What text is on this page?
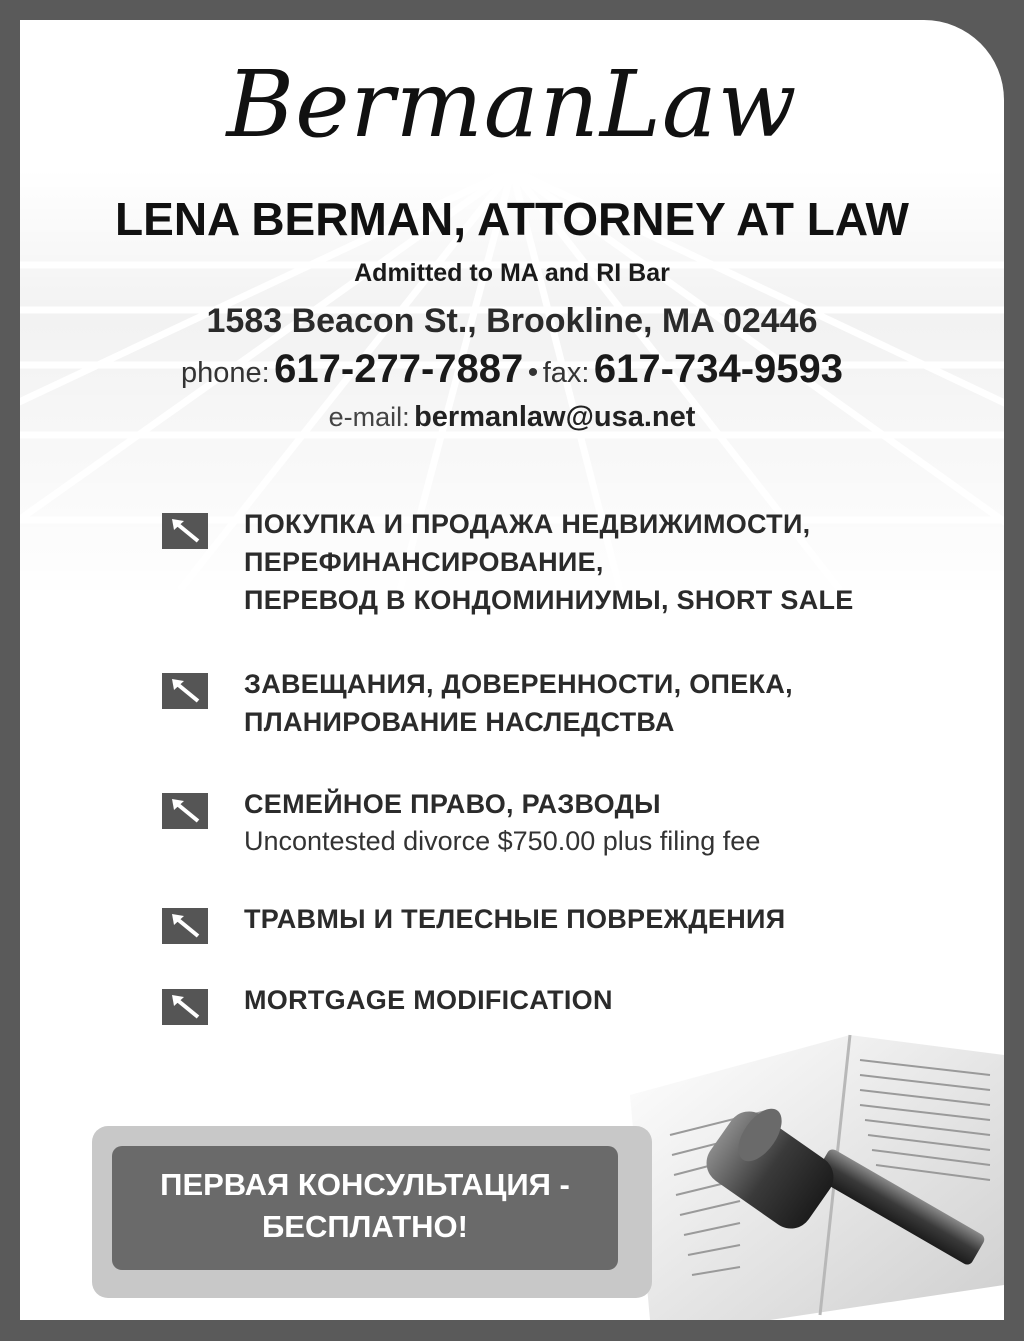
BermanLaw
LENA BERMAN, ATTORNEY AT LAW
Admitted to MA and RI Bar
1583 Beacon St., Brookline, MA 02446
phone: 617-277-7887 • fax: 617-734-9593
e-mail: bermanlaw@usa.net
ПОКУПКА И ПРОДАЖА НЕДВИЖИМОСТИ,
ПЕРЕФИНАНСИРОВАНИЕ,
ПЕРЕВОД В КОНДОМИНИУМЫ, SHORT SALE
ЗАВЕЩАНИЯ, ДОВЕРЕННОСТИ, ОПЕКА,
ПЛАНИРОВАНИЕ НАСЛЕДСТВА
СЕМЕЙНОЕ ПРАВО, РАЗВОДЫ
Uncontested divorce $750.00 plus filing fee
ТРАВМЫ И ТЕЛЕСНЫЕ ПОВРЕЖДЕНИЯ
MORTGAGE MODIFICATION
ПЕРВАЯ КОНСУЛЬТАЦИЯ -
БЕСПЛАТНО!
